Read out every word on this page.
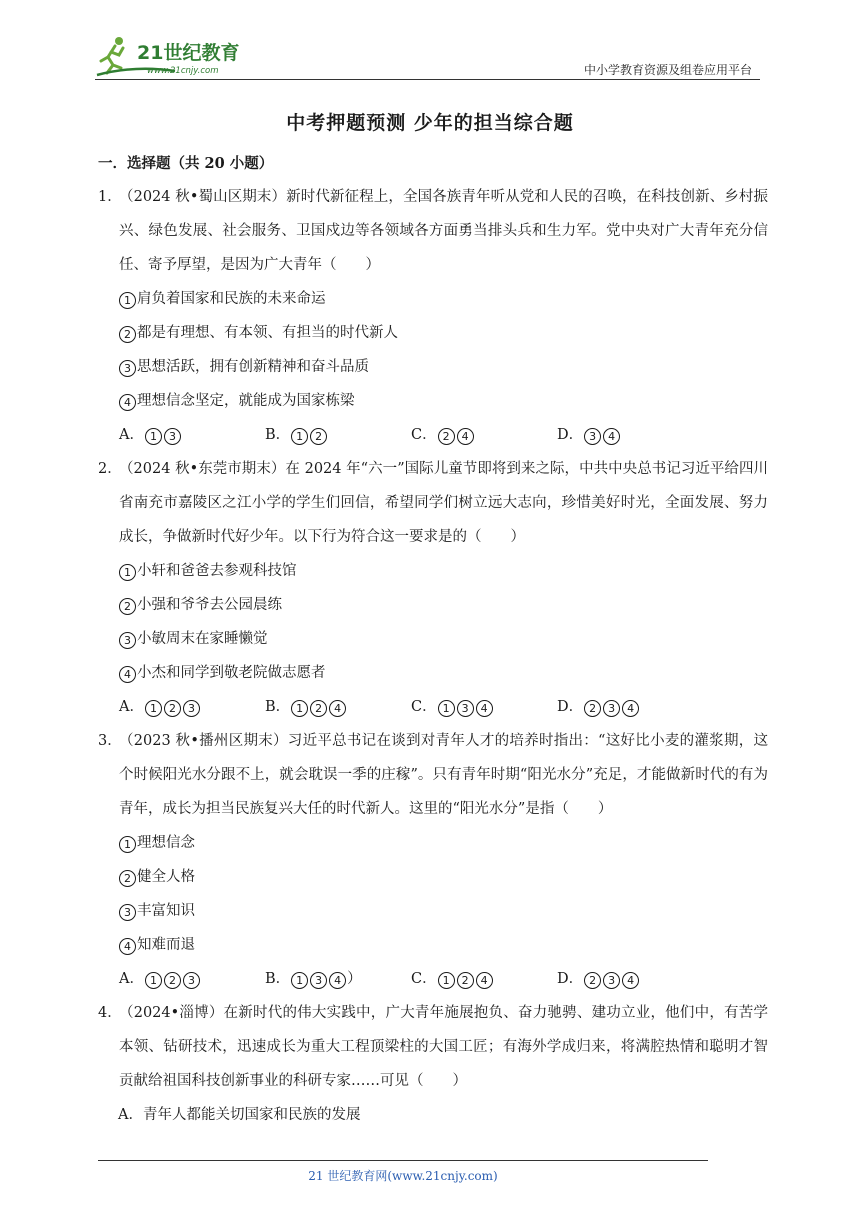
21世纪教育
www.21cnjy.com	中小学教育资源及组卷应用平台
中考押题预测 少年的担当综合题
一．选择题（共 20 小题）
1．
（2024 秋•蜀山区期末）新时代新征程上，全国各族青年听从党和人民的召唤，在科技创新、乡村振兴、绿色发展、社会服务、卫国戍边等各领域各方面勇当排头兵和生力军。党中央对广大青年充分信任、寄予厚望，是因为广大青年（　　）
1 肩负着国家和民族的未来命运
2 都是有理想、有本领、有担当的时代新人
3 思想活跃，拥有创新精神和奋斗品质
4 理想信念坚定，就能成为国家栋梁
A． 1 3	B． 1 2	C． 2 4	D． 3 4
2．
（2024 秋•东莞市期末）在 2024 年“六一”国际儿童节即将到来之际，中共中央总书记习近平给四川省南充市嘉陵区之江小学的学生们回信，希望同学们树立远大志向，珍惜美好时光，全面发展、努力成长，争做新时代好少年。以下行为符合这一要求是的（　　）
1 小轩和爸爸去参观科技馆
2 小强和爷爷去公园晨练
3 小敏周末在家睡懒觉
4 小杰和同学到敬老院做志愿者
A． 1 2 3	B． 1 2 4	C． 1 3 4	D． 2 3 4
3．
（2023 秋•播州区期末）习近平总书记在谈到对青年人才的培养时指出：“这好比小麦的灌浆期，这个时候阳光水分跟不上，就会耽误一季的庄稼”。只有青年时期“阳光水分”充足，才能做新时代的有为青年，成长为担当民族复兴大任的时代新人。这里的“阳光水分”是指（　　）
1 理想信念
2 健全人格
3 丰富知识
4 知难而退
A． 1 2 3	B． 1 3 4 ）	C． 1 2 4	D． 2 3 4
4．
（2024•淄博）在新时代的伟大实践中，广大青年施展抱负、奋力驰骋、建功立业，他们中，有苦学本领、钻研技术，迅速成长为重大工程顶梁柱的大国工匠；有海外学成归来，将满腔热情和聪明才智贡献给祖国科技创新事业的科研专家……可见（　　）
A．青年人都能关切国家和民族的发展
21 世纪教育网(www.21cnjy.com)
